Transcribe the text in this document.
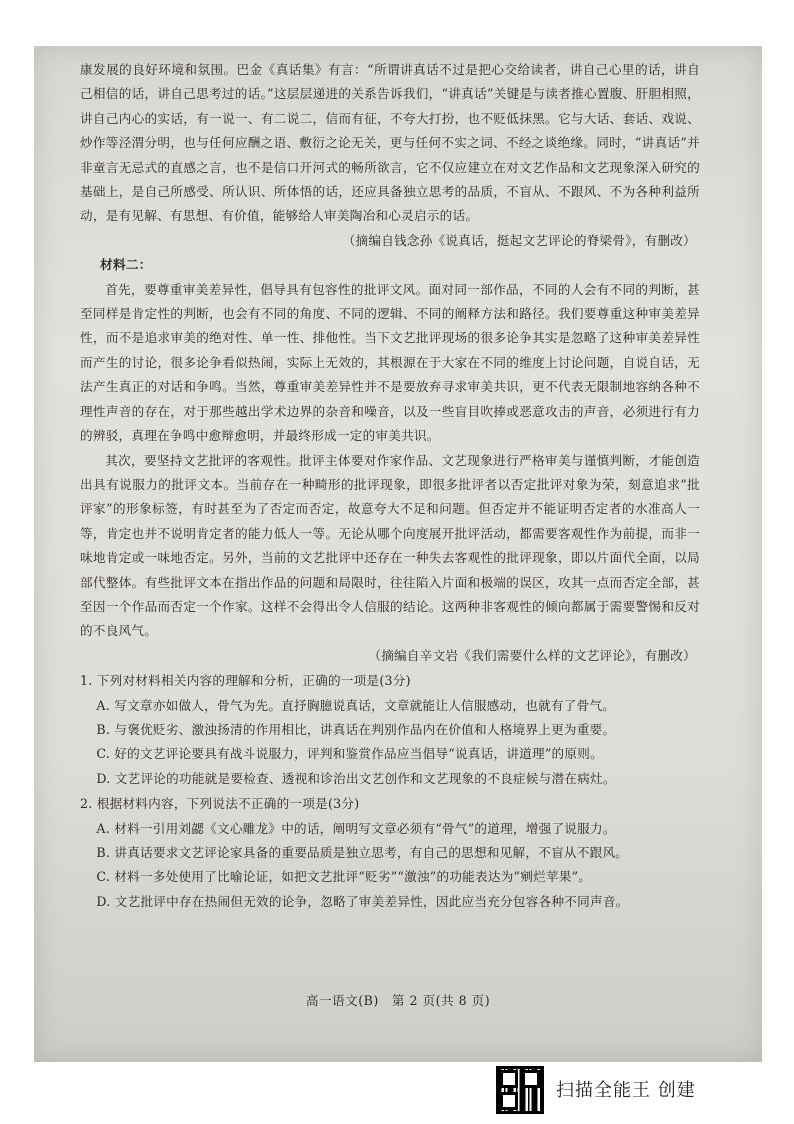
康发展的良好环境和氛围。巴金《真话集》有言：“所谓讲真话不过是把心交给读者，讲自己心里的话，讲自己相信的话，讲自己思考过的话。”这层层递进的关系告诉我们，“讲真话”关键是与读者推心置腹、肝胆相照，讲自己内心的实话，有一说一、有二说二，信而有征，不夸大打扮，也不贬低抹黑。它与大话、套话、戏说、炒作等泾渭分明，也与任何应酬之语、敷衍之论无关，更与任何不实之词、不经之谈绝缘。同时，“讲真话”并非童言无忌式的直感之言，也不是信口开河式的畅所欲言，它不仅应建立在对文艺作品和文艺现象深入研究的基础上，是自己所感受、所认识、所体悟的话，还应具备独立思考的品质，不盲从、不跟风、不为各种利益所动，是有见解、有思想、有价值，能够给人审美陶冶和心灵启示的话。

（摘编自钱念孙《说真话，挺起文艺评论的脊梁骨》，有删改）

材料二：

首先，要尊重审美差异性，倡导具有包容性的批评文风。面对同一部作品，不同的人会有不同的判断，甚至同样是肯定性的判断，也会有不同的角度、不同的逻辑、不同的阐释方法和路径。我们要尊重这种审美差异性，而不是追求审美的绝对性、单一性、排他性。当下文艺批评现场的很多论争其实是忽略了这种审美差异性而产生的讨论，很多论争看似热闹，实际上无效的，其根源在于大家在不同的维度上讨论问题，自说自话，无法产生真正的对话和争鸣。当然，尊重审美差异性并不是要放弃寻求审美共识，更不代表无限制地容纳各种不理性声音的存在，对于那些越出学术边界的杂音和噪音，以及一些盲目吹捧或恶意攻击的声音，必须进行有力的辨驳，真理在争鸣中愈辩愈明，并最终形成一定的审美共识。

其次，要坚持文艺批评的客观性。批评主体要对作家作品、文艺现象进行严格审美与谨慎判断，才能创造出具有说服力的批评文本。当前存在一种畸形的批评现象，即很多批评者以否定批评对象为荣，刻意追求“批评家”的形象标签，有时甚至为了否定而否定，故意夸大不足和问题。但否定并不能证明否定者的水准高人一等，肯定也并不说明肯定者的能力低人一等。无论从哪个向度展开批评活动，都需要客观性作为前提，而非一味地肯定或一味地否定。另外，当前的文艺批评中还存在一种失去客观性的批评现象，即以片面代全面，以局部代整体。有些批评文本在指出作品的问题和局限时，往往陷入片面和极端的误区，攻其一点而否定全部，甚至因一个作品而否定一个作家。这样不会得出令人信服的结论。这两种非客观性的倾向都属于需要警惕和反对的不良风气。

（摘编自辛文岩《我们需要什么样的文艺评论》，有删改）

1. 下列对材料相关内容的理解和分析，正确的一项是(3分)

A. 写文章亦如做人，骨气为先。直抒胸臆说真话，文章就能让人信服感动，也就有了骨气。

B. 与褒优贬劣、激浊扬清的作用相比，讲真话在判别作品内在价值和人格境界上更为重要。

C. 好的文艺评论要具有战斗说服力，评判和鉴赏作品应当倡导“说真话，讲道理”的原则。

D. 文艺评论的功能就是要检查、透视和诊治出文艺创作和文艺现象的不良症候与潜在病灶。

2. 根据材料内容，下列说法不正确的一项是(3分)

A. 材料一引用刘勰《文心雕龙》中的话，阐明写文章必须有“骨气”的道理，增强了说服力。

B. 讲真话要求文艺评论家具备的重要品质是独立思考，有自己的思想和见解，不盲从不跟风。

C. 材料一多处使用了比喻论证，如把文艺批评“贬劣”“激浊”的功能表达为“剜烂苹果”。

D. 文艺批评中存在热闹但无效的论争，忽略了审美差异性，因此应当充分包容各种不同声音。

高一语文(B)　第 2 页(共 8 页)
扫描全能王 创建
